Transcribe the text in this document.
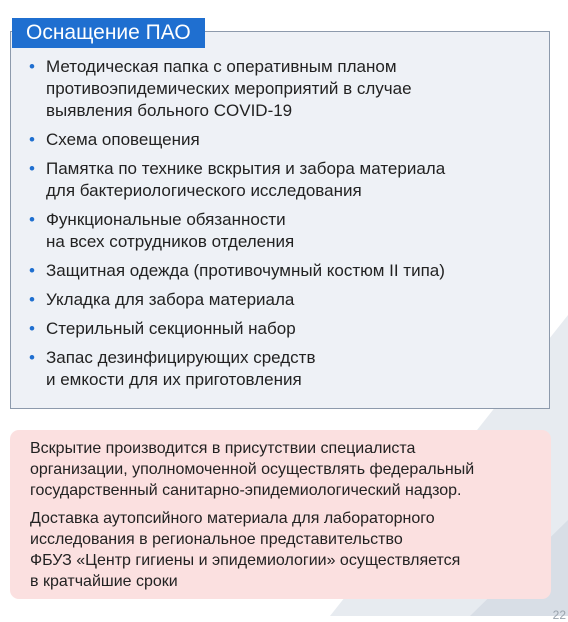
Оснащение ПАО
• Методическая папка с оперативным планом
противоэпидемических мероприятий в случае
выявления больного COVID-19
• Схема оповещения
• Памятка по технике вскрытия и забора материала
для бактериологического исследования
• Функциональные обязанности
на всех сотрудников отделения
• Защитная одежда (противочумный костюм II типа)
• Укладка для забора материала
• Стерильный секционный набор
• Запас дезинфицирующих средств
и емкости для их приготовления

Вскрытие производится в присутствии специалиста
организации, уполномоченной осуществлять федеральный
государственный санитарно-эпидемиологический надзор.

Доставка аутопсийного материала для лабораторного
исследования в региональное представительство
ФБУЗ «Центр гигиены и эпидемиологии» осуществляется
в кратчайшие сроки

22
